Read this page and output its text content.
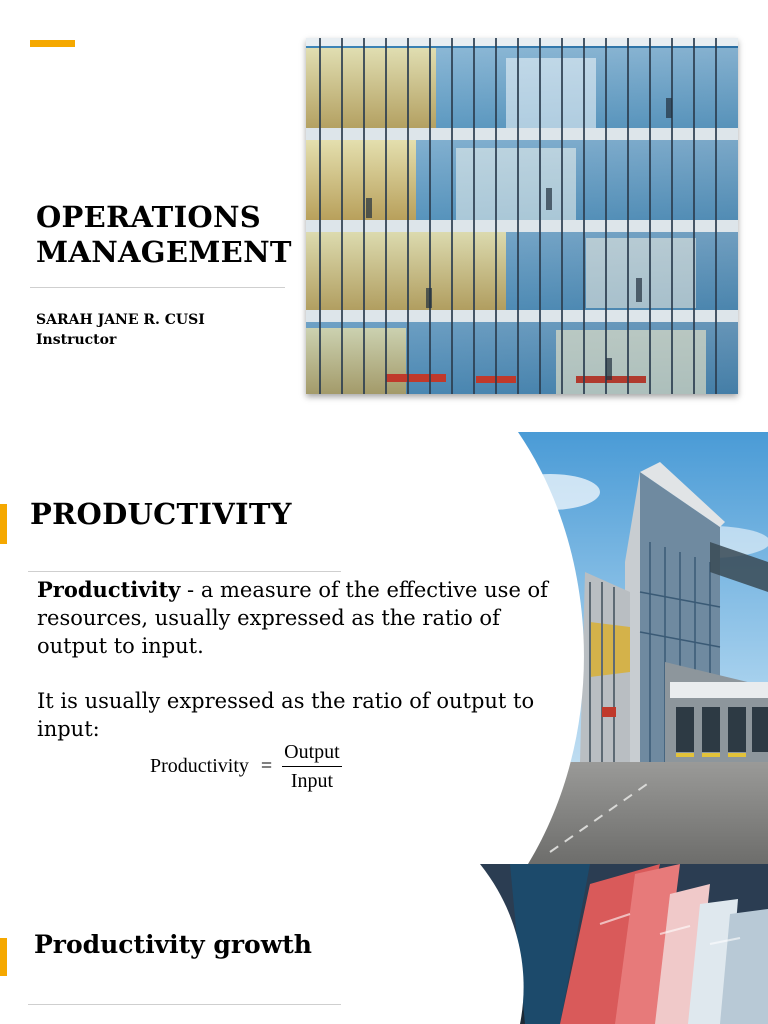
OPERATIONS
MANAGEMENT
SARAH JANE R. CUSI
Instructor
PRODUCTIVITY
Productivity - a measure of the effective use of resources, usually expressed as the ratio of output to input.
It is usually expressed as the ratio of output to input:
Productivity = $\frac{\text{Output}}{\text{Input}}$
Productivity growth
